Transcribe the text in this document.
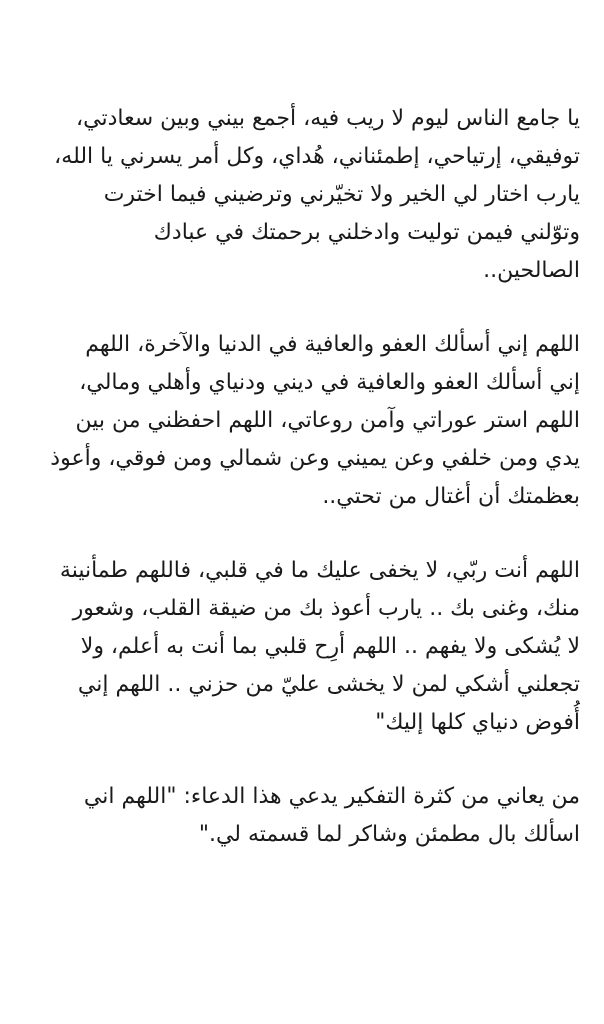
يا جامع الناس ليوم لا ريب فيه، أجمع بيني وبين سعادتي،
توفيقي، إرتياحي، إطمئناني، هُداي، وكل أمر يسرني يا الله،
يارب اختار لي الخير ولا تخيّرني وترضيني فيما اخترت
وتوّلني فيمن توليت وادخلني برحمتك في عبادك
الصالحين..

اللهم إني أسألك العفو والعافية في الدنيا والآخرة، اللهم
إني أسألك العفو والعافية في ديني ودنياي وأهلي ومالي،
اللهم استر عوراتي وآمن روعاتي، اللهم احفظني من بين
يدي ومن خلفي وعن يميني وعن شمالي ومن فوقي، وأعوذ
بعظمتك أن أغتال من تحتي..

اللهم أنت ربّي، لا يخفى عليك ما في قلبي، فاللهم طمأنينة
منك، وغنى بك .. يارب أعوذ بك من ضيقة القلب، وشعور
لا يُشكى ولا يفهم .. اللهم أرِح قلبي بما أنت به أعلم، ولا
تجعلني أشكي لمن لا يخشى عليّ من حزني .. اللهم إني
أُفوض دنياي كلها إليك"

من يعاني من كثرة التفكير يدعي هذا الدعاء: "اللهم اني
اسألك بال مطمئن وشاكر لما قسمته لي."
